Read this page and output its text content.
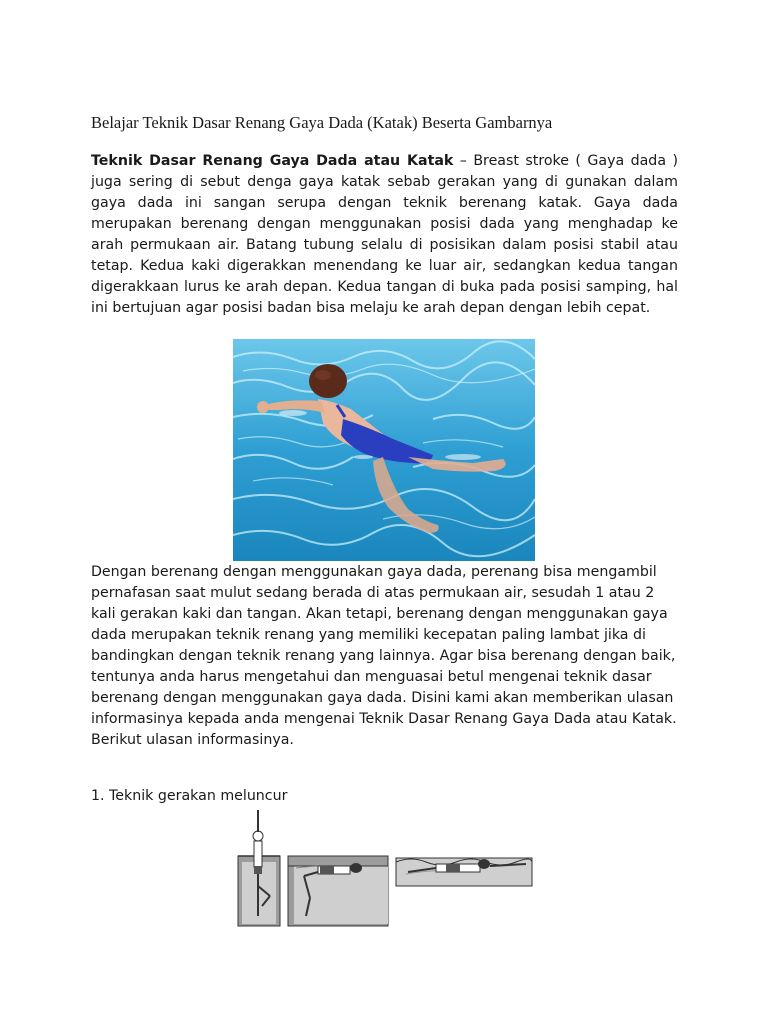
Belajar Teknik Dasar Renang Gaya Dada (Katak) Beserta Gambarnya

Teknik Dasar Renang Gaya Dada atau Katak – Breast stroke ( Gaya dada ) juga sering di sebut denga gaya katak sebab gerakan yang di gunakan dalam gaya dada ini sangan serupa dengan teknik berenang katak. Gaya dada merupakan berenang dengan menggunakan posisi dada yang menghadap ke arah permukaan air. Batang tubung selalu di posisikan dalam posisi stabil atau tetap. Kedua kaki digerakkan menendang ke luar air, sedangkan kedua tangan digerakkaan lurus ke arah depan. Kedua tangan di buka pada posisi samping, hal ini bertujuan agar posisi badan bisa melaju ke arah depan dengan lebih cepat.

Dengan berenang dengan menggunakan gaya dada, perenang bisa mengambil pernafasan saat mulut sedang berada di atas permukaan air, sesudah 1 atau 2 kali gerakan kaki dan tangan. Akan tetapi, berenang dengan menggunakan gaya dada merupakan teknik renang yang memiliki kecepatan paling lambat jika di bandingkan dengan teknik renang yang lainnya. Agar bisa berenang dengan baik, tentunya anda harus mengetahui dan menguasai betul mengenai teknik dasar berenang dengan menggunakan gaya dada. Disini kami akan memberikan ulasan informasinya kepada anda mengenai Teknik Dasar Renang Gaya Dada atau Katak. Berikut ulasan informasinya.

1. Teknik gerakan meluncur
